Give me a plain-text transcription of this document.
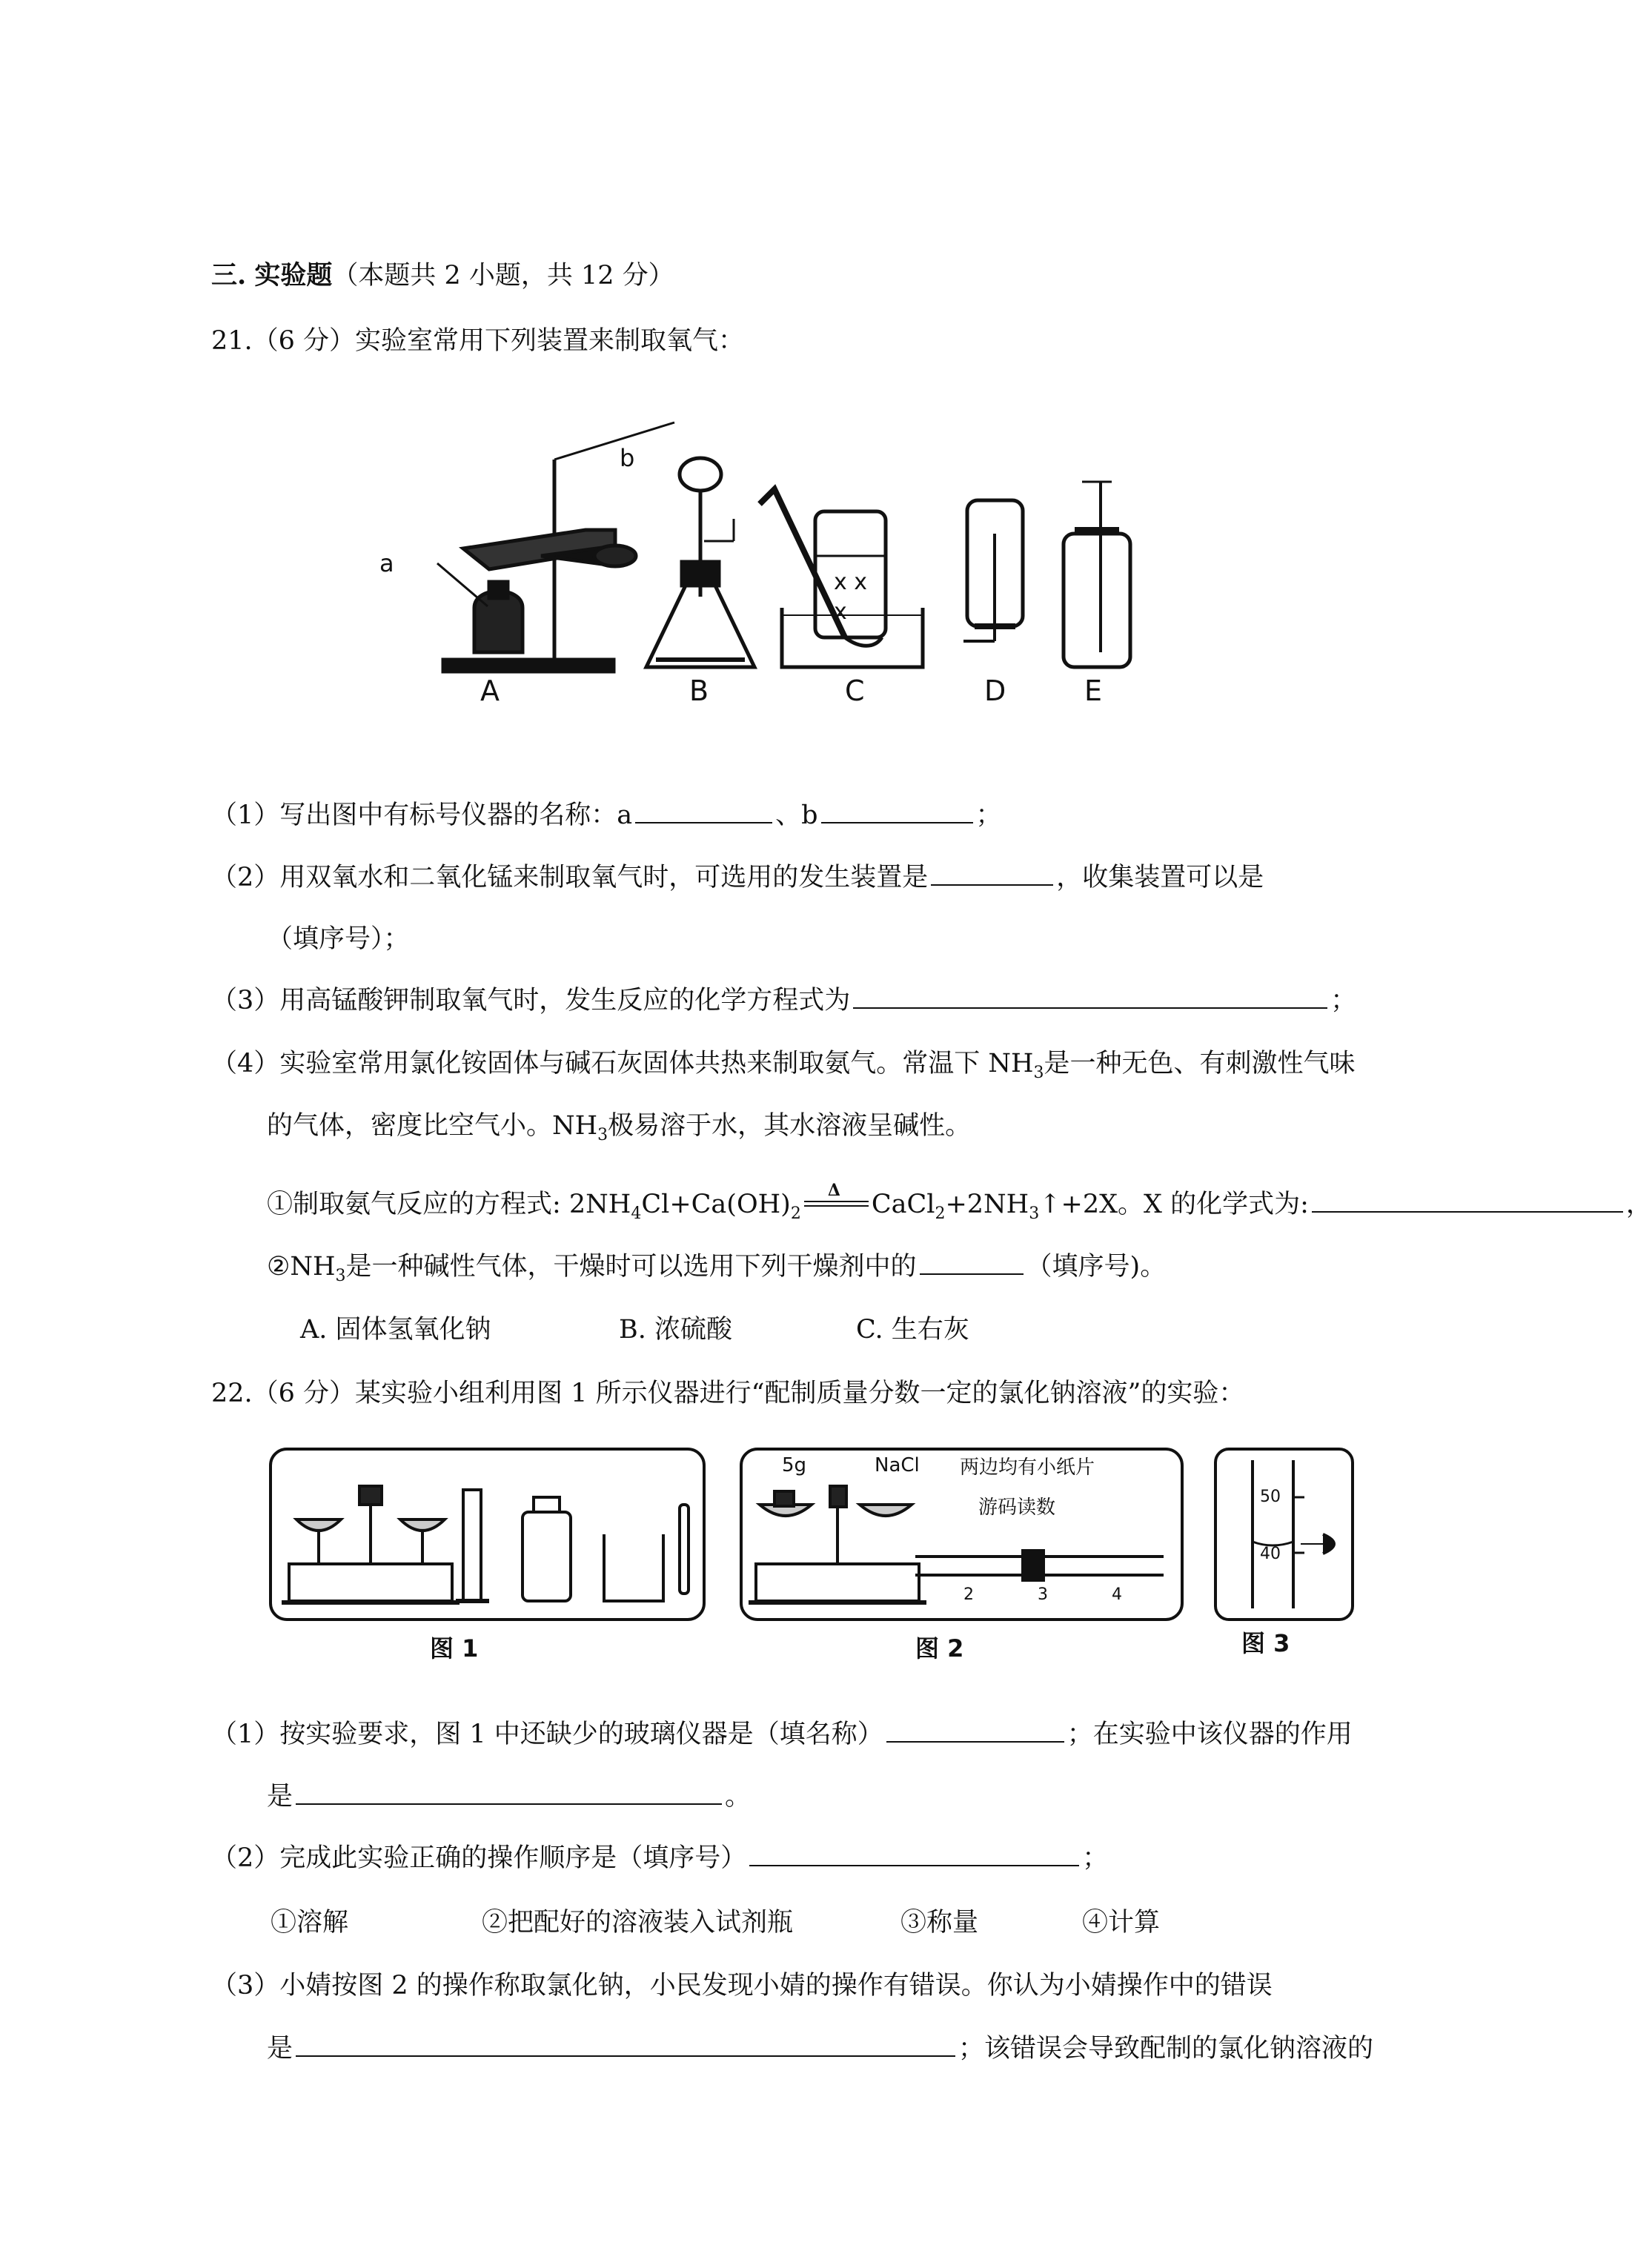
三. 实验题（本题共 2 小题，共 12 分）
21.（6 分）实验室常用下列装置来制取氧气：
x x
x
a
b
A	B	C	D	E
（1）写出图中有标号仪器的名称：a	、b	；
（2）用双氧水和二氧化锰来制取氧气时，可选用的发生装置是	，收集装置可以是
（填序号）；
（3）用高锰酸钾制取氧气时，发生反应的化学方程式为	；
（4）实验室常用氯化铵固体与碱石灰固体共热来制取氨气。常温下 $NH_3$是一种无色、有刺激性气味
的气体，密度比空气小。$NH_3$极易溶于水，其水溶液呈碱性。
①制取氨气反应的方程式: $2NH_4Cl+Ca(OH)_2$
Δ $CaCl_2+2NH_3↑+2X$。X 的化学式为:	，
$②NH_3$是一种碱性气体，干燥时可以选用下列干燥剂中的	（填序号)。
A. 固体氢氧化钠	B. 浓硫酸	C. 生右灰
22.（6 分）某实验小组利用图 1 所示仪器进行“配制质量分数一定的氯化钠溶液”的实验：
图 1	图 2	图 3
5g	NaCl 两边均有小纸片
游码读数
2	3	4
50
40
（1）按实验要求，图 1 中还缺少的玻璃仪器是（填名称）	；在实验中该仪器的作用
是	。
（2）完成此实验正确的操作顺序是（填序号）	；
①溶解	②把配好的溶液装入试剂瓶	③称量	④计算
（3）小婧按图 2 的操作称取氯化钠，小民发现小婧的操作有错误。你认为小婧操作中的错误
是	；该错误会导致配制的氯化钠溶液的
